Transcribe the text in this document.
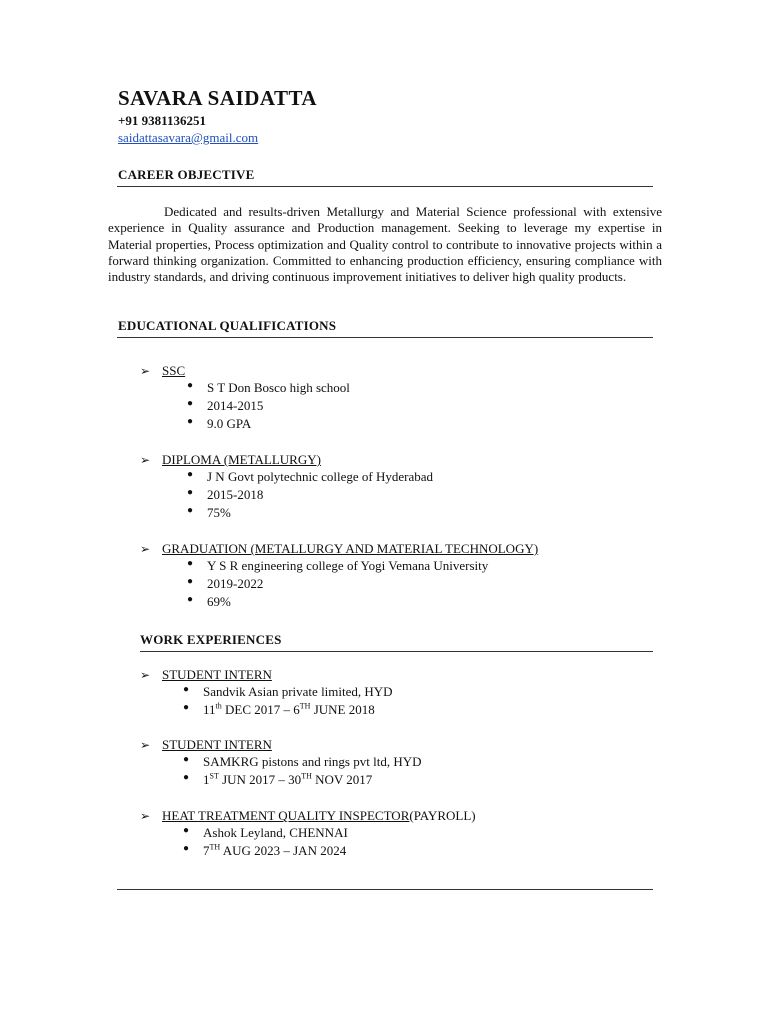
SAVARA SAIDATTA
+91 9381136251
saidattasavara@gmail.com
CAREER OBJECTIVE

Dedicated and results-driven Metallurgy and Material Science professional with extensive experience in Quality assurance and Production management. Seeking to leverage my expertise in Material properties, Process optimization and Quality control to contribute to innovative projects within a forward thinking organization. Committed to enhancing production efficiency, ensuring compliance with industry standards, and driving continuous improvement initiatives to deliver high quality products.

EDUCATIONAL QUALIFICATIONS
➢ SSC
● S T Don Bosco high school
● 2014-2015
● 9.0 GPA
➢ DIPLOMA (METALLURGY)
● J N Govt polytechnic college of Hyderabad
● 2015-2018
● 75%
➢ GRADUATION (METALLURGY AND MATERIAL TECHNOLOGY)
● Y S R engineering college of Yogi Vemana University
● 2019-2022
● 69%
WORK EXPERIENCES
➢ STUDENT INTERN
● Sandvik Asian private limited, HYD
● 11th DEC 2017 – 6TH JUNE 2018
➢ STUDENT INTERN
● SAMKRG pistons and rings pvt ltd, HYD
● 1ST JUN 2017 – 30TH NOV 2017
➢ HEAT TREATMENT QUALITY INSPECTOR(PAYROLL)
● Ashok Leyland, CHENNAI
● 7TH AUG 2023 – JAN 2024
